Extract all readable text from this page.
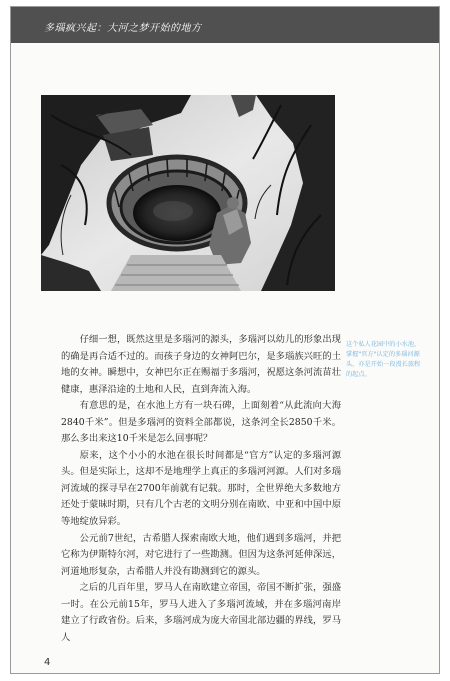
多瑙疯兴起：大河之梦开始的地方
这个私人花园中的小水池，掌握"官方"认定的多瑙河源头，亦是开始一段漫长旅程的起点。

仔细一想，既然这里是多瑙河的源头，多瑙河以幼儿的形象出现的确是再合适不过的。而孩子身边的女神阿巴尔，是多瑙族兴旺的土地的女神。瞬想中，女神巴尔正在赐福于多瑙河，祝愿这条河流苗壮健康，惠泽沿途的土地和人民，直到奔流入海。

有意思的是，在水池上方有一块石碑，上面刻着“从此流向大海2840千米”。但是多瑙河的资料全部都说，这条河全长2850千米。那么多出来这10千米是怎么回事呢？

原来，这个小小的水池在很长时间都是“官方”认定的多瑙河源头。但是实际上，这却不是地理学上真正的多瑙河河源。人们对多瑙河流域的探寻早在2700年前就有记载。那时，全世界绝大多数地方还处于蒙昧时期，只有几个古老的文明分别在南欧、中亚和中国中原等地绽放异彩。

公元前7世纪，古希腊人探索南欧大地，他们遇到多瑙河，并把它称为伊斯特尔河，对它进行了一些勘测。但因为这条河延伸深远，河道地形复杂，古希腊人并没有勘测到它的源头。

之后的几百年里，罗马人在南欧建立帝国，帝国不断扩张，强盛一时。在公元前15年，罗马人进入了多瑙河流域，并在多瑙河南岸建立了行政省份。后来，多瑙河成为庞大帝国北部边疆的界线，罗马人

4
